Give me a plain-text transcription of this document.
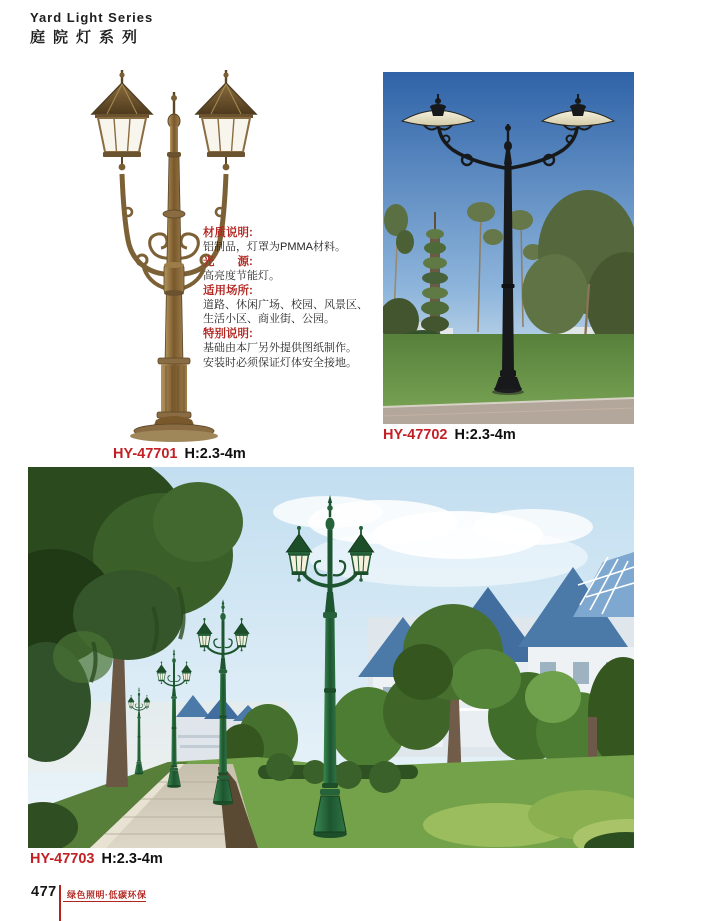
Yard Light Series
庭院灯系列
材质说明:
铝制品，灯罩为PMMA材料。
光　　源:
高亮度节能灯。
适用场所:
道路、休闲广场、校园、风景区、
生活小区、商业街、公园。
特别说明:
基础由本厂另外提供图纸制作。
安装时必须保证灯体安全接地。
HY-47701 H:2.3-4m
HY-47702 H:2.3-4m
HY-47703 H:2.3-4m
477 绿色照明·低碳环保
